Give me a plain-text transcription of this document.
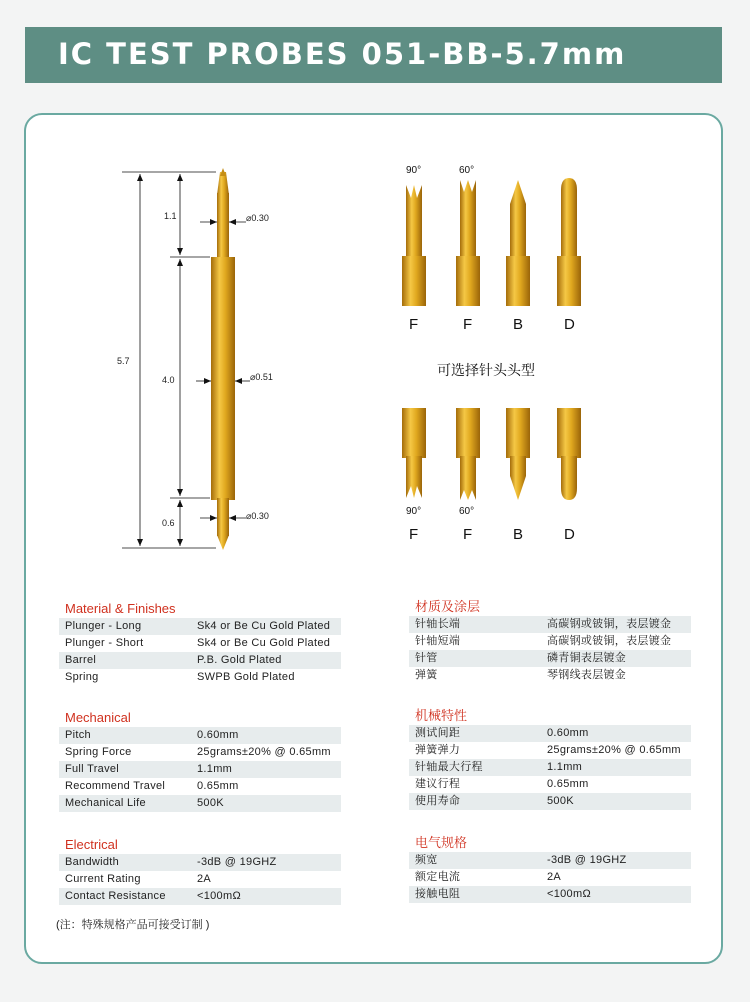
IC TEST PROBES 051-BB-5.7mm
5.7
1.1
4.0
0.6
⌀0.30
⌀0.51
⌀0.30
90°	60°
F	F	B	D
可选择针头头型
90°	60°
F	F	B	D
Material & Finishes
Plunger - Long	Sk4 or Be Cu Gold Plated
Plunger - Short	Sk4 or Be Cu Gold Plated
Barrel	P.B. Gold Plated
Spring	SWPB Gold Plated
Mechanical
Pitch	0.60mm
Spring Force	25grams±20% @ 0.65mm
Full Travel	1.1mm
Recommend Travel	0.65mm
Mechanical Life	500K
Electrical
Bandwidth	-3dB @ 19GHZ
Current Rating	2A
Contact Resistance	<100mΩ
材质及涂层
针轴长端	高碳钢或铍铜，表层镀金
针轴短端	高碳钢或铍铜，表层镀金
针管	磷青铜表层镀金
弹簧	琴钢线表层镀金
机械特性
测试间距	0.60mm
弹簧弹力	25grams±20% @ 0.65mm
针轴最大行程	1.1mm
建议行程	0.65mm
使用寿命	500K
电气规格
频宽	-3dB @ 19GHZ
额定电流	2A
接触电阻	<100mΩ
(注：特殊规格产品可接受订制 )
